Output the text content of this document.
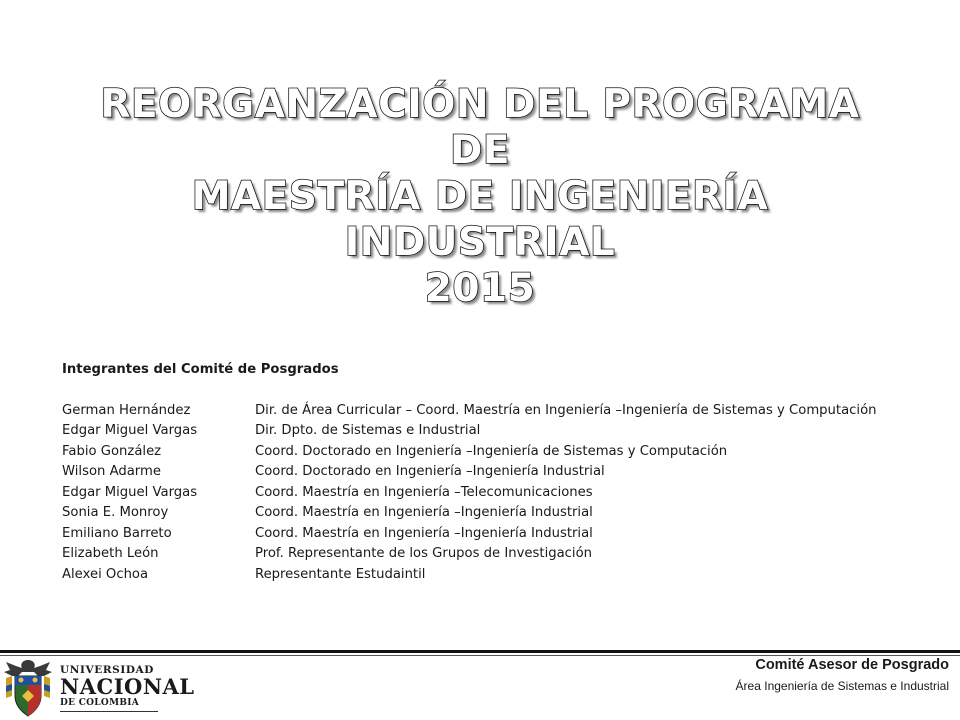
REORGANZACIÓN DEL PROGRAMA DE
MAESTRÍA DE INGENIERÍA INDUSTRIAL
2015
Integrantes del Comité de Posgrados
German Hernández	Dir. de Área Curricular – Coord. Maestría en Ingeniería –Ingeniería de Sistemas y Computación
Edgar Miguel Vargas	Dir. Dpto. de Sistemas e Industrial
Fabio González	Coord. Doctorado en Ingeniería –Ingeniería de Sistemas y Computación
Wilson Adarme	Coord. Doctorado en Ingeniería –Ingeniería Industrial
Edgar Miguel Vargas	Coord. Maestría en Ingeniería –Telecomunicaciones
Sonia E. Monroy	Coord. Maestría en Ingeniería –Ingeniería Industrial
Emiliano Barreto	Coord. Maestría en Ingeniería –Ingeniería Industrial
Elizabeth León	Prof. Representante de los Grupos de Investigación
Alexei Ochoa	Representante Estudaintil
UNIVERSIDAD
NACIONAL
DE COLOMBIA
Comité Asesor de Posgrado
Área Ingeniería de Sistemas e Industrial
